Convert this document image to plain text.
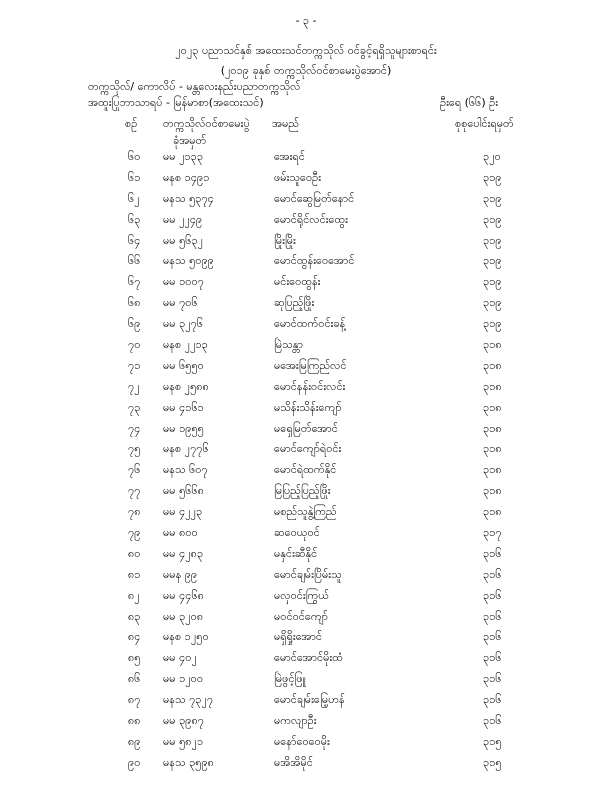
- ၃ -
၂၀၂၃ ပညာသင်နှစ် အထေးသင်တက္ကသိုလ် ဝင်ခွင့်ရရှိသူများစာရင်း
(၂၀၁၉ ခုနှစ် တက္ကသိုလ်ဝင်စာမေးပွဲအောင်)
တက္ကသိုလ်/ ကောလိပ် - မန္တလေးနည်းပညာတက္ကသိုလ်
အထူးပြုဘာသာရပ် - မြန်မာစာ(အထေးသင်)	ဦးရေ (၆၆) ဦး
စဉ် တက္ကသိုလ်ဝင်စာမေးပွဲ
ခုံအမှတ်
အမည်	စုစုပေါင်းရမှတ်
၆၀ မမ ၂၁၃၃	အေးရင်	၃၂၀
၆၁ မနစ ၁၄၉၁	ဖမ်းသူဝေဦး	၃၁၉
၆၂ မနသ ၅၃၇၄	မောင်ဆွေမြတ်နောင်	၃၁၉
၆၃ မမ ၂၂၄၉	မောင်ရိုင်လင်းထွေး	၃၁၉
၆၄ မမ ၅၆၃၂	မြိုးမြိုး	၃၁၉
၆၆ မနသ ၅၀၉၉	မောင်ထွန်းဝေအောင်	၃၁၉
၆၇ မမ ၁၀၀၇	မင်းဝေထွန်း	၃၁၉
၆၈ မမ ၇၀၆	ဆုပြည့်ဖြိုး	၃၁၉
၆၉ မမ ၃၂၇၆	မောင်ထက်ဝင်းခန့်	၃၁၉
၇၀ မနစ ၂၂၁၃	မြဲသန္တာ	၃၁၈
၇၁ မမ ၆၅၅၀	မအေးမြကြည်လင်	၃၁၈
၇၂ မနစ ၂၅၈၈	မောင်နန်းဝင်းလင်း	၃၁၈
၇၃ မမ ၄၁၆၁	မသိန်းသိန်းကျော်	၃၁၈
၇၄ မမ ၁၉၅၅	မရှေမြတ်အောင်	၃၁၈
၇၅ မနစ ၂၇၇၆	မောင်ကျော်ရဲဝင်း	၃၁၈
၇၆ မနသ ၆၀၇	မောင်ရဲထက်နိုင်	၃၁၈
၇၇ မမ ၅၆၆၈	မြပြည့်ပြည့်ဖြိုး	၃၁၈
၇၈ မမ ၄၂၂၃	မစည်သူနွဲ့ကြည်	၃၁၈
၇၉ မမ ၈၀၀	ဆဝေယုဝင်	၃၁၇
၈၀ မမ ၄၂၈၃	မနှင်းဆီနိုင်	၃၁၆
၈၁ မမန ၉၉	မောင်ချမ်းပြိမ်းသူ	၃၁၆
၈၂ မမ ၄၄၆၈	မလှဝင်းကြွယ်	၃၁၆
၈၃ မမ ၃၂၀၈	မဝင်ဝင်ကျော်	၃၁၆
၈၄ မနစ ၁၂၅၀	မရှိရှိုးအောင်	၃၁၆
၈၅ မမ ၄၀၂	မောင်အောင်မိုးထံ	၃၁၆
၈၆ မမ ၁၂၀၀	မြဲဖွင့်ဖြူ	၃၁၆
၈၇ မနသ ၇၃၂၇	မောင်ချမ်းမြေ့ဟန်	၃၁၆
၈၈ မမ ၃၉၈၇	မကလျာဦး	၃၁၆
၈၉ မမ ၅၈၂၁	မနော်ဝေဝေမိုး	၃၁၅
၉၀ မနသ ၃၅၉၈	မအိအိမိုင်	၃၁၅
